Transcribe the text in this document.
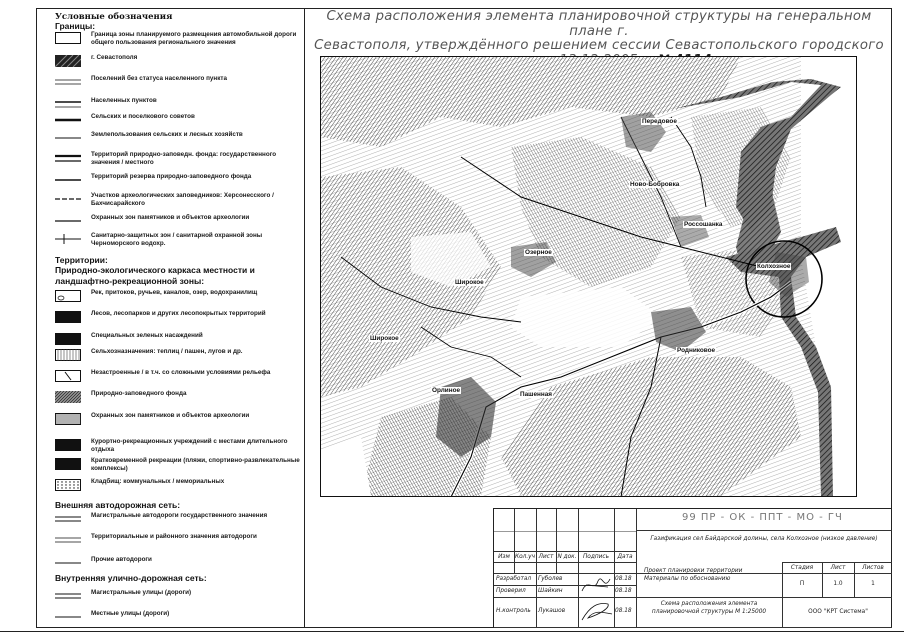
Условные обозначения
Границы:
Граница зоны планируемого размещения автомобильной дороги общего пользования регионального значения
г. Севастополя
Поселений без статуса населенного пункта
Населенных пунктов
Сельских и поселкового советов
Землепользования сельских и лесных хозяйств
Территорий природно-заповедн. фонда: государственного значения / местного
Территорий резерва природно-заповедного фонда
Участков археологических заповедников: Херсонесского / Бахчисарайского
Охранных зон памятников и объектов археологии
Санитарно-защитных зон / санитарной охранной зоны Черноморского водохр.
Территории:
Природно-экологического каркаса местности и ландшафтно-рекреационной зоны:
Рек, притоков, ручьев, каналов, озер, водохранилищ
Лесов, лесопарков и других лесопокрытых территорий
Специальных зеленых насаждений
Сельхозназначения: теплиц / пашен, лугов и др.
Незастроенные / в т.ч. со сложными условиями рельефа
Природно-заповедного фонда
Охранных зон памятников и объектов археологии
Курортно-рекреационных учреждений с местами длительного отдыха
Кратковременной рекреации (пляжи, спортивно-развлекательные комплексы)
Кладбищ: коммунальных / мемориальных
Внешняя автодорожная сеть:
Магистральные автодороги государственного значения
Территориальные и районного значения автодороги
Прочие автодороги
Внутренняя улично-дорожная сеть:
Магистральные улицы (дороги)
Местные улицы (дороги)
Схема расположения элемента планировочной структуры на генеральном плане г.
Севастополя, утверждённого решением сессии Севастопольского городского
Передовое
Ново-Бобровка
Россошанка
Колхозное
Озерное
Широкое
Широкое
Родниковое
Орлиное
Пашенная
99 ПР - ОК - ППТ - МО - ГЧ
Изм Кол.уч Лист N док.	Подпись	Дата
Газификация сел Байдарской долины, села Колхозное (низкое давление)
Проект планировки территории Материалы по обоснованию
Стадия	Лист	Листов
П	1.0	1
Разработал Губолев	08.18
Проверил Шайкин	08.18
Н.контроль Лукашов	08.18
Схема расположения элемента планировочной структуры М 1:25000	ООО "КРТ Система"
